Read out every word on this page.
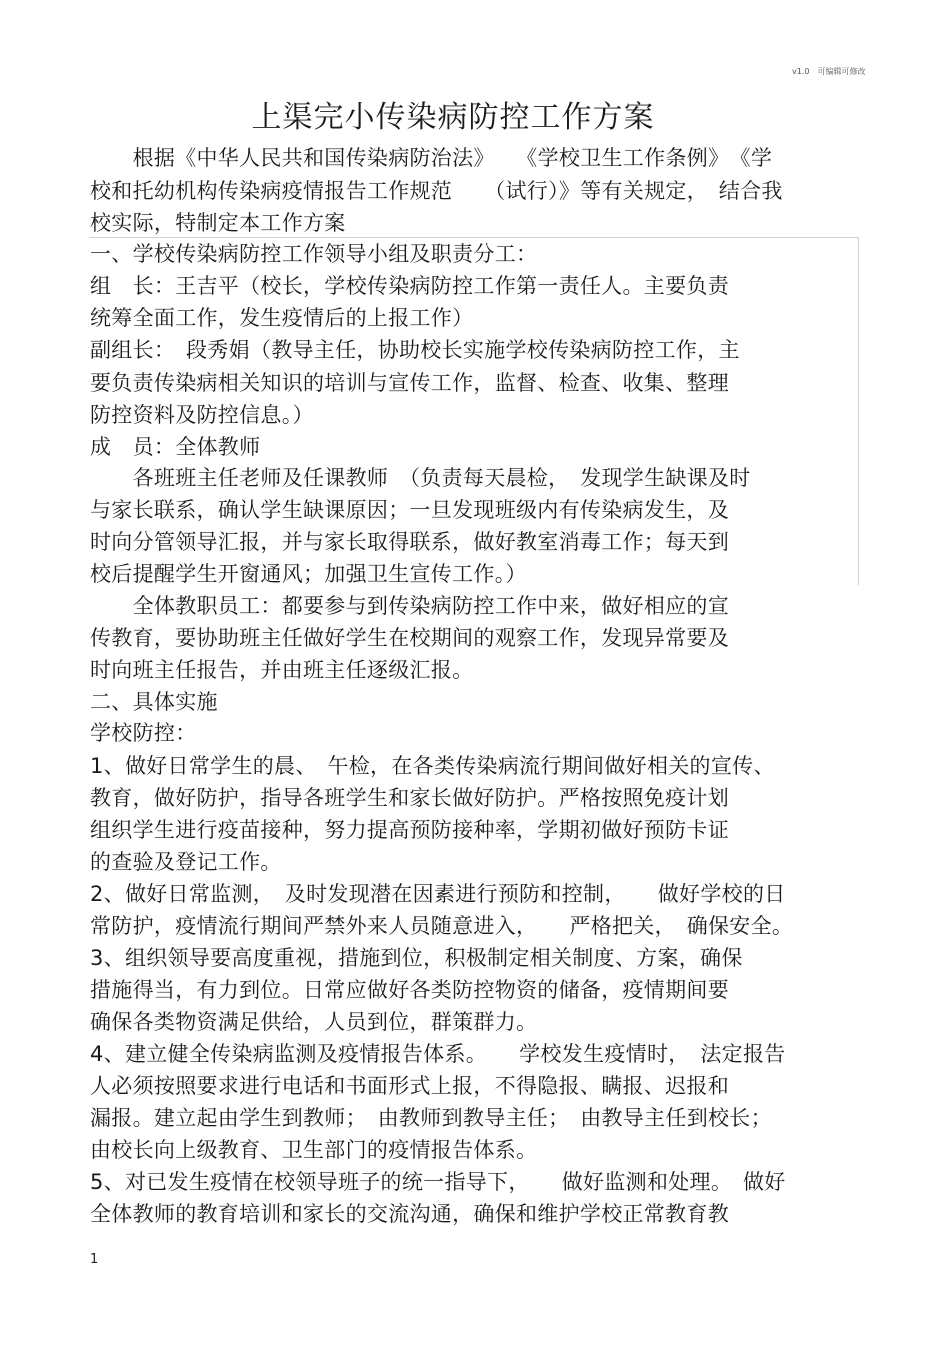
v1.0　可编辑可修改
上渠完小传染病防控工作方案
　　根据《中华人民共和国传染病防治法》　　《学校卫生工作条例》　《学
校和托幼机构传染病疫情报告工作规范　　（试行）》等有关规定，　结合我
校实际，特制定本工作方案
一、学校传染病防控工作领导小组及职责分工：
组　长：王吉平（校长，学校传染病防控工作第一责任人。主要负责
统筹全面工作，发生疫情后的上报工作）
副组长：　段秀娟（教导主任，协助校长实施学校传染病防控工作，主
要负责传染病相关知识的培训与宣传工作，监督、检查、收集、整理
防控资料及防控信息。）
成　员：全体教师
　　各班班主任老师及任课教师　（负责每天晨检，　发现学生缺课及时
与家长联系，确认学生缺课原因；一旦发现班级内有传染病发生，及
时向分管领导汇报，并与家长取得联系，做好教室消毒工作；每天到
校后提醒学生开窗通风；加强卫生宣传工作。）
　　全体教职员工：都要参与到传染病防控工作中来，做好相应的宣
传教育，要协助班主任做好学生在校期间的观察工作，发现异常要及
时向班主任报告，并由班主任逐级汇报。
二、具体实施
学校防控：
1、做好日常学生的晨、　午检，在各类传染病流行期间做好相关的宣传、
教育，做好防护，指导各班学生和家长做好防护。严格按照免疫计划
组织学生进行疫苗接种，努力提高预防接种率，学期初做好预防卡证
的查验及登记工作。
2、做好日常监测，　及时发现潜在因素进行预防和控制，　　做好学校的日
常防护，疫情流行期间严禁外来人员随意进入，　　严格把关，　确保安全。
3、组织领导要高度重视，措施到位，积极制定相关制度、方案，确保
措施得当，有力到位。日常应做好各类防控物资的储备，疫情期间要
确保各类物资满足供给，人员到位，群策群力。
4、建立健全传染病监测及疫情报告体系。　　学校发生疫情时，　法定报告
人必须按照要求进行电话和书面形式上报，不得隐报、瞒报、迟报和
漏报。建立起由学生到教师；　由教师到教导主任；　由教导主任到校长；
由校长向上级教育、卫生部门的疫情报告体系。
5、对已发生疫情在校领导班子的统一指导下，　　做好监测和处理。　做好
全体教师的教育培训和家长的交流沟通，确保和维护学校正常教育教
1
